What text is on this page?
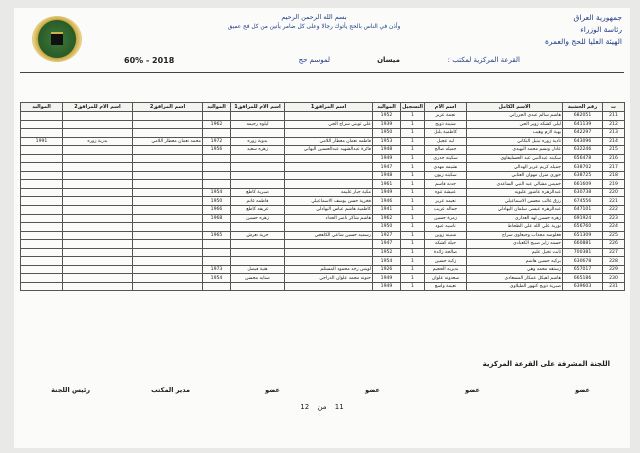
جمهورية العراق
رئاسة الوزراء
الهيئة العليا للحج والعمرة
بسم الله الرحمن الرحيم
وأذن في الناس بالحج يأتوك رجالا وعلى كل ضامر يأتين من كل فج عميق
القرعة المركزية لمكتب :
ميسان
لموسم حج
2018 - 60%
ت	رقم الحشية	الاسم الكامل	اسم الام	التسجيل	المواليد	اسم المرافق1	اسم الام للمرافق1	المواليد	اسم المرافق2	اسم الام للمرافق2	المواليد
211	682051	هاشم سالم عبدي الجزراني	نجمة عزيز	1	1952						
212	641139	ليلى كشكه زوير الحي	شنينة ذويح	1	1939	علي ثويني سراج الحي	ليلوه رحيمه	1962			
213	642297	بهية لازم وهيب	كاظمية بلبل	1	1950						
214	643096	نادية زوره تبنيل التكاني	ليه عجيل	1	1953	فاطمه نعمان معطار اللامي	بدوية زوره	1972	محمد نعمان معطار اللامي	بدرية زوره	1991
215	632246	عادل ونسم محمد البهيدي	جميله صالح	1	1948	فائزة عبدالشهيد عبدالحسين اليهاني	زهره سعيد	1956			
216	656478	سكينه عبدالنبي عبد الحسليفاوي	سكينه جدري	1	1949						
217	638702	جميله كريم عزيز الهدالي	نشيمه مهدي	1	1947						
218	638725	حوري منزل مهوان العتابي	سكينه زيون	1	1948						
219	661609	خميس مشالي عبد النبي الساعدي	جدنه قاسم	1	1961						
220	630738	عبدالزهره عاشور عليويه	عنيشة ثنوه	1	1949	مكية جبار غليمه	صبرية كاطع	1954			
221	674556	رزق غالب محسن الاسماعيلي	نعيمه عزيز	1	1946	فخرية حسن يوسف الاسماعيلي	فاطمه غانم	1950			
222	647101	عبدالزهره عيسى سلمان البهادلي	جماله عزيب	1	1941	كاظمية هاشم عباس البهادلي	عريفه كاطع	1966			
223	691924	زهره حسين لهد العذاري	زمرة حسين	1	1962	هاشم شاكر ناصر الحداد	زهره حسين	1968			
224	656760	نورية علي الله علي الطحاط	ناسيه عبود	1	1950						
225	651309	فغلوصه مجذاب وجيعاوي سراج	شنينه زوين	1	1927	رسميه حسين شاعي الكاهجي	حرية نعرش	1965			
226	660881	حسنه زابر صبيح الكعبادي	حيلة كشكه	1	1947						
227	700381	ثابت تحيل عليم	صالحة زائدة	1	1952						
228	630678	بزكيه حسين هاشم	زكية حسين	1	1954						
229	657017	زستقه محمد وهي	بديريه الحجيم	1	1926	لويس رجد محمود المستلم	هنية فيصل	1973			
230	665186	هاشم اهيكل عمكار المسعادي	سعدونه علوان	1	1949	حنونه محمد علوان الدراجي	صنايه محسن	1954			
231	639603	صبرية ذويح كنهور الطيلاوي	نعيمة واسع	1	1949						
اللجنة المشرفة على القرعة المركزية
عضو
عضو
عضو
عضو
مدير المكتب
رئيس اللجنة
11 من 12
